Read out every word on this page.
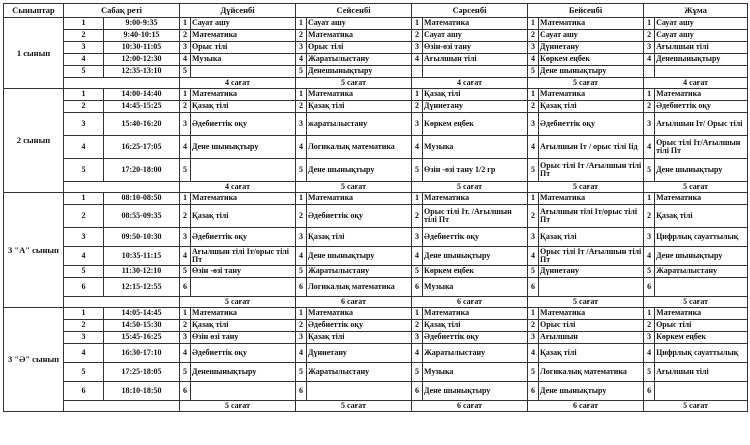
Сыныптар	Сабақ реті		Дүйсенбі		Сейсенбі		Сәрсенбі		Бейсенбі		Жұма	
1 сынып	1	9:00-9:35	1	Сауат ашу	1	Сауат ашу	1	Математика	1	Математика	1	Сауат ашу
	2	9:40-10:15	2	Математика	2	Математика	2	Сауат ашу	2	Сауат ашу	2	Сауат ашу
	3	10:30-11:05	3	Орыс тілі	3	Орыс тілі	3	Өзін-өзі тану	3	Дүниетану	3	Ағылшын тілі
	4	12:00-12:30	4	Музыка	4	Жаратылыстану	4	Ағылшын тілі	4	Көркем еңбек	4	Денешынықтыру
	5	12:35-13:10	5		5	Денешынықтыру			5	Дене шынықтыру		
			4 сағат		5 сағат		4 сағат		5 сағат		4 сағат	
2 сынып	1	14:00-14:40	1	Математика	1	Математика	1	Қазақ тілі	1	Математика	1	Математика
	2	14:45-15:25	2	Қазақ тілі	2	Қазақ тілі	2	Дүниетану	2	Қазақ тілі	2	Әдебиеттік оқу
	3	15:40-16:20	3	Әдебиеттік оқу	3	жаратылыстану	3	Көркем еңбек	3	Әдебиеттік оқу	3	Ағылшын Іт/ Орыс тілі
	4	16:25-17:05	4	Дене шынықтыру	4	Логикалық математика	4	Музыка	4	Ағылшын Іт / орыс тілі Іід	4	Орыс тілі Іт/Ағылшын тілі Пт
	5	17:20-18:00	5		5	Дене шынықтыру	5	Өзін -өзі тану 1/2 гр	5	Орыс тілі Іт /Ағылшын тілі Пт	5	Дене шынықтыру
			4 сағат		5 сағат		5 сағат		5 сағат		5 сағат	
3 "А" сынып	1	08:10-08:50	1	Математика	1	Математика	1	Математика	1	Математика	1	Математика
	2	08:55-09:35	2	Қазақ тілі	2	Әдебиеттік оқу	2	Орыс тілі Іт. /Ағылшын тілі Пт	2	Ағылшын тілі Іт/орыс тілі Пт	2	Қазақ тілі
	3	09:50-10:30	3	Әдебиеттік оқу	3	Қазақ тілі	3	Әдебиеттік оқу	3	Қазақ тілі	3	Цифрлық сауаттылық
	4	10:35-11:15	4	Ағылшын тілі Іт/орыс тілі Пт	4	Дене шынықтыру	4	Дене шынықтыру	4	Орыс тілі Іт /Ағылшын тілі Пт	4	Дене шынықтыру
	5	11:30-12:10	5	Өзін -өзі тану	5	Жаратылыстану	5	Көркем еңбек	5	Дүниетану	5	Жаратылыстану
	6	12:15-12:55	6		6	Логикалық математика	6	Музыка	6		6	
			5 сағат		6 сағат		6 сағат		5 сағат		5 сағат	
3 "Ә" сынып	1	14:05-14:45	1	Математика	1	Математика	1	Математика	1	Математика	1	Математика
	2	14:50-15:30	2	Қазақ тілі	2	Әдебиеттік оқу	2	Қазақ тілі	2	Орыс тілі	2	Орыс тілі
	3	15:45-16:25	3	Өзін өзі тану	3	Қазақ тілі	3	Әдебиеттік оқу	3	Ағылшын	3	Көркем еңбек
	4	16:30-17:10	4	Әдебиеттік оқу	4	Дүниетану	4	Жаратылыстану	4	Қазақ тілі	4	Цифрлық сауаттылық
	5	17:25-18:05	5	Денешынықтыру	5	Жаратылыстану	5	Музыка	5	Логикалық математика	5	Ағылшын тілі
	6	18:10-18:50	6		6		6	Дене шынықтыру	6	Дене шынықтыру	6	
			5 сағат		5 сағат		6 сағат		6 сағат		5 сағат	
